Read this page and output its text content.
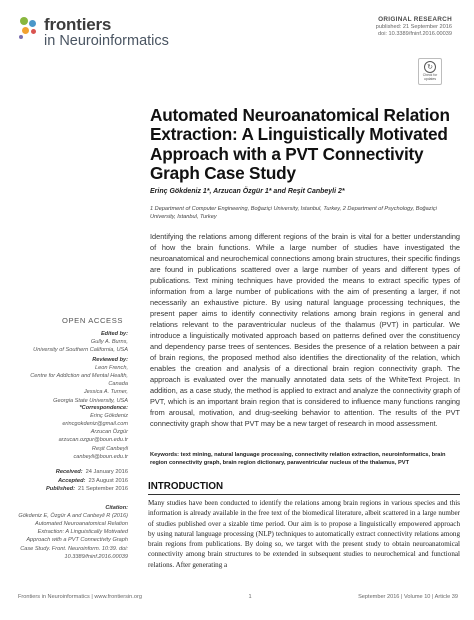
frontiers
in Neuroinformatics
ORIGINAL RESEARCH
published: 21 September 2016
doi: 10.3389/fninf.2016.00039
↻
Check for updates
Automated Neuroanatomical Relation Extraction: A Linguistically Motivated Approach with a PVT Connectivity Graph Case Study
Erinç Gökdeniz 1*, Arzucan Özgür 1* and Reşit Canbeyli 2*
1 Department of Computer Engineering, Boğaziçi University, Istanbul, Turkey, 2 Department of Psychology, Boğaziçi University, Istanbul, Turkey

Identifying the relations among different regions of the brain is vital for a better understanding of how the brain functions. While a large number of studies have investigated the neuroanatomical and neurochemical connections among brain structures, their specific findings are found in publications scattered over a large number of years and different types of publications. Text mining techniques have provided the means to extract specific types of information from a large number of publications with the aim of presenting a larger, if not necessarily an exhaustive picture. By using natural language processing techniques, the present paper aims to identify connectivity relations among brain regions in general and relations relevant to the paraventricular nucleus of the thalamus (PVT) in particular. We introduce a linguistically motivated approach based on patterns defined over the constituency and dependency parse trees of sentences. Besides the presence of a relation between a pair of brain regions, the proposed method also identifies the directionality of the relation, which enables the creation and analysis of a directional brain region connectivity graph. The approach is evaluated over the manually annotated data sets of the WhiteText Project. In addition, as a case study, the method is applied to extract and analyze the connectivity graph of PVT, which is an important brain region that is considered to influence many functions ranging from arousal, motivation, and drug-seeking behavior to attention. The results of the PVT connectivity graph show that PVT may be a new target of research in mood assessment.

Keywords: text mining, natural language processing, connectivity relation extraction, neuroinformatics, brain region connectivity graph, brain region dictionary, paraventricular nucleus of the thalamus, PVT
OPEN ACCESS
Edited by:
Gully A. Burns,
University of Southern California, USA
Reviewed by:
Leon French,
Centre for Addiction and Mental Health, Canada
Jessica A. Turner,
Georgia State University, USA
*Correspondence:
Erinç Gökdeniz
erincgokdeniz@gmail.com
Arzucan Özgür
arzucan.ozgur@boun.edu.tr
Reşit Canbeyli
canbeyli@boun.edu.tr
Received: 24 January 2016
Accepted: 23 August 2016
Published: 21 September 2016
Citation:
Gökdeniz E, Özgür A and Canbeyli R (2016) Automated Neuroanatomical Relation Extraction: A Linguistically Motivated Approach with a PVT Connectivity Graph Case Study. Front. Neuroinform. 10:39. doi: 10.3389/fninf.2016.00039
INTRODUCTION

Many studies have been conducted to identify the relations among brain regions in various species and this information is already available in the free text of the biomedical literature, albeit scattered in a large number of studies published over a sizable time period. Our aim is to propose a linguistically empowered approach by using natural language processing (NLP) techniques to automatically extract connectivity relations among brain regions from publications. By doing so, we target with the present study to obtain neuroanatomical connectivity among brain structures to be extended in subsequent studies to neurochemical and functional relations. After generating a

Frontiers in Neuroinformatics | www.frontiersin.org	1	September 2016 | Volume 10 | Article 39
